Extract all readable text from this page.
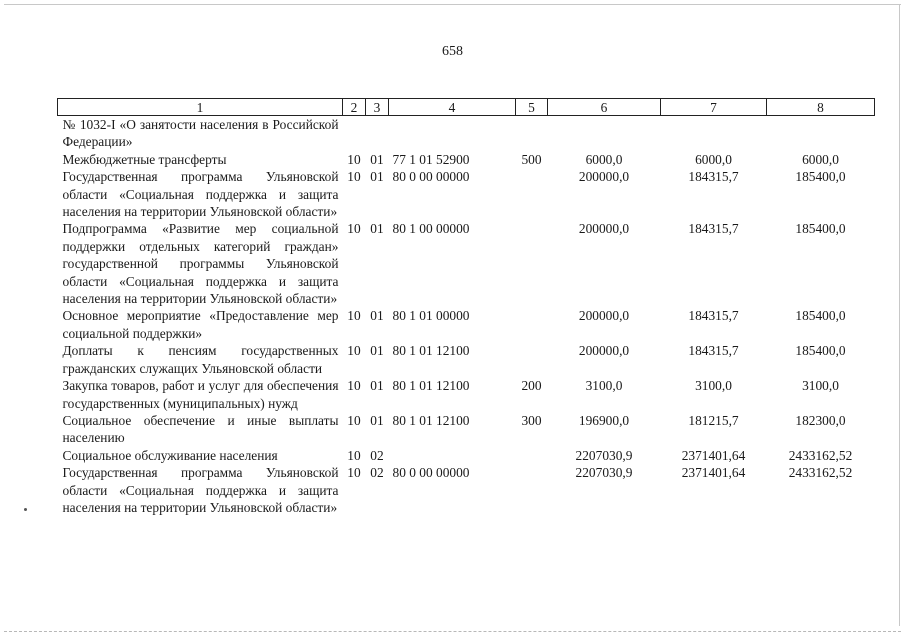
658
1	2	3	4	5	6	7	8
№ 1032-I «О занятости населения в Российской Федерации»							
Межбюджетные трансферты	10	01	77 1 01 52900	500	6000,0	6000,0	6000,0
Государственная программа Ульяновской области «Социальная поддержка и защита населения на территории Ульяновской области»	10	01	80 0 00 00000		200000,0	184315,7	185400,0
Подпрограмма «Развитие мер социальной поддержки отдельных категорий граждан» государственной программы Ульяновской области «Социальная поддержка и защита населения на территории Ульяновской области»	10	01	80 1 00 00000		200000,0	184315,7	185400,0
Основное мероприятие «Предоставление мер социальной поддержки»	10	01	80 1 01 00000		200000,0	184315,7	185400,0
Доплаты к пенсиям государственных гражданских служащих Ульяновской области	10	01	80 1 01 12100		200000,0	184315,7	185400,0
Закупка товаров, работ и услуг для обеспечения государственных (муниципальных) нужд	10	01	80 1 01 12100	200	3100,0	3100,0	3100,0
Социальное обеспечение и иные выплаты населению	10	01	80 1 01 12100	300	196900,0	181215,7	182300,0
Социальное обслуживание населения	10	02			2207030,9	2371401,64	2433162,52
Государственная программа Ульяновской области «Социальная поддержка и защита населения на территории Ульяновской области»	10	02	80 0 00 00000		2207030,9	2371401,64	2433162,52
